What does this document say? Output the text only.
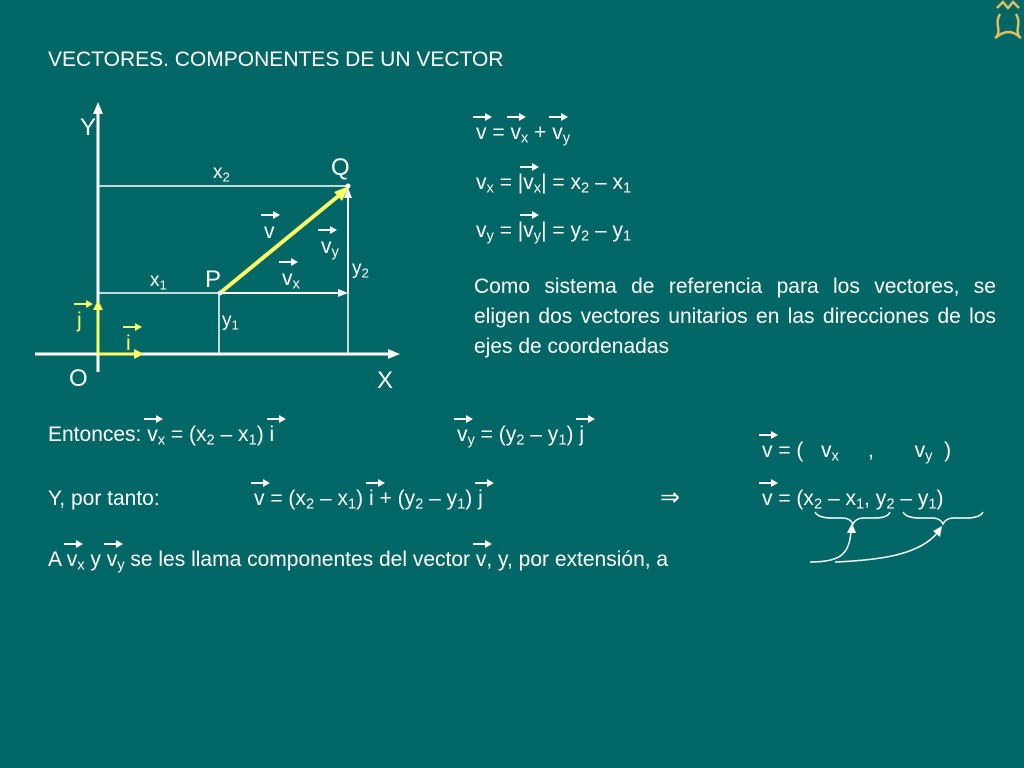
VECTORES. COMPONENTES DE UN VECTOR
Y
X
O
Q
P
$x_2$
$x_1$
$y_1$
$y_2$
v
$v_y$
$v_x$
j
i
$v = v_x + v_y$
$v_x = |v_x| = x_2 - x_1$
$v_y = |v_y| = y_2 - y_1$
Como sistema de referencia para los vectores, se eligen dos vectores unitarios en las direcciones de los ejes de coordenadas
Entonces: $v_x = (x_2 - x_1)$ i	$v_y = (y_2 - y_1)$ j
v = (   $v_x$     ,       $v_y$  )
Y, por tanto:	$v = (x_2 - x_1) i + (y_2 - y_1)$ j	⇒	$v = (x_2 - x_1$, $y_2 - y_1$)
A $v_x$ y $v_y$ se les llama componentes del vector v, y, por extensión, a
